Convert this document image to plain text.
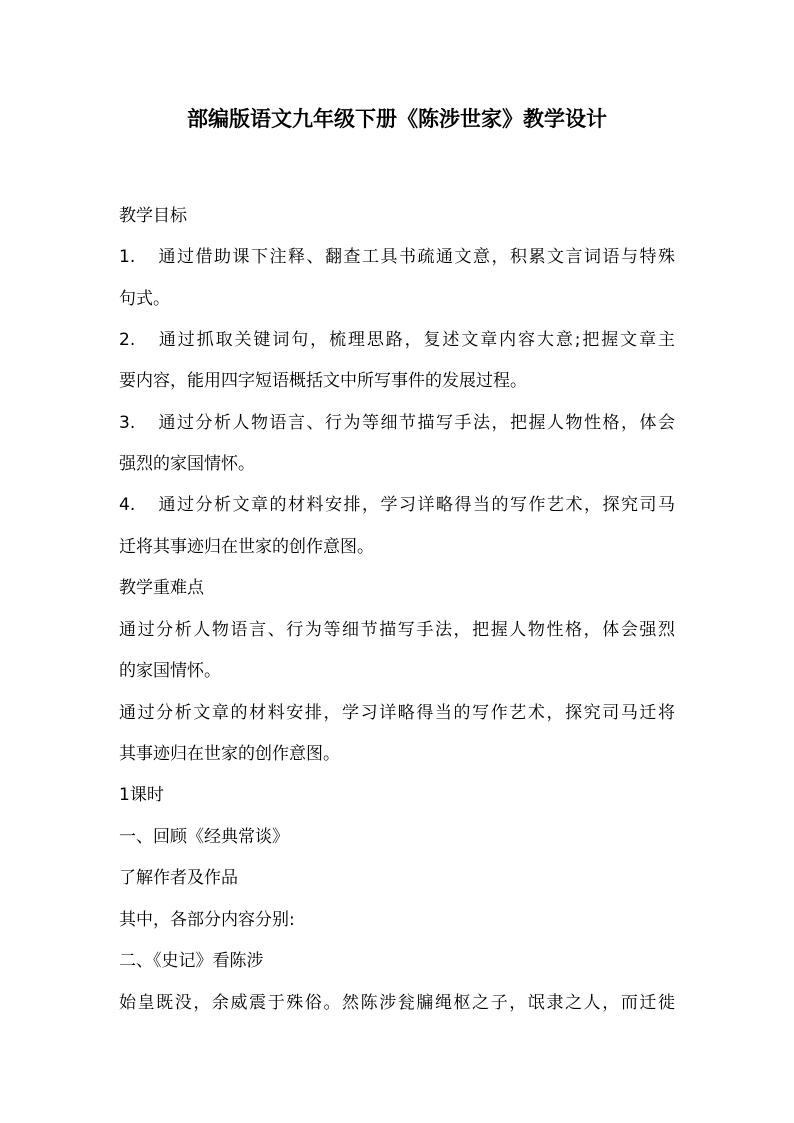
部编版语文九年级下册《陈涉世家》教学设计
教学目标
1. 通过借助课下注释、翻查工具书疏通文意，积累文言词语与特殊
句式。
2. 通过抓取关键词句，梳理思路，复述文章内容大意;把握文章主
要内容，能用四字短语概括文中所写事件的发展过程。
3. 通过分析人物语言、行为等细节描写手法，把握人物性格，体会
强烈的家国情怀。
4. 通过分析文章的材料安排，学习详略得当的写作艺术，探究司马
迁将其事迹归在世家的创作意图。
教学重难点
通过分析人物语言、行为等细节描写手法，把握人物性格，体会强烈
的家国情怀。
通过分析文章的材料安排，学习详略得当的写作艺术，探究司马迁将
其事迹归在世家的创作意图。
1课时
一、回顾《经典常谈》
了解作者及作品
其中，各部分内容分别:
二、《史记》看陈涉
始皇既没，余威震于殊俗。然陈涉瓮牖绳枢之子，氓隶之人，而迁徙
